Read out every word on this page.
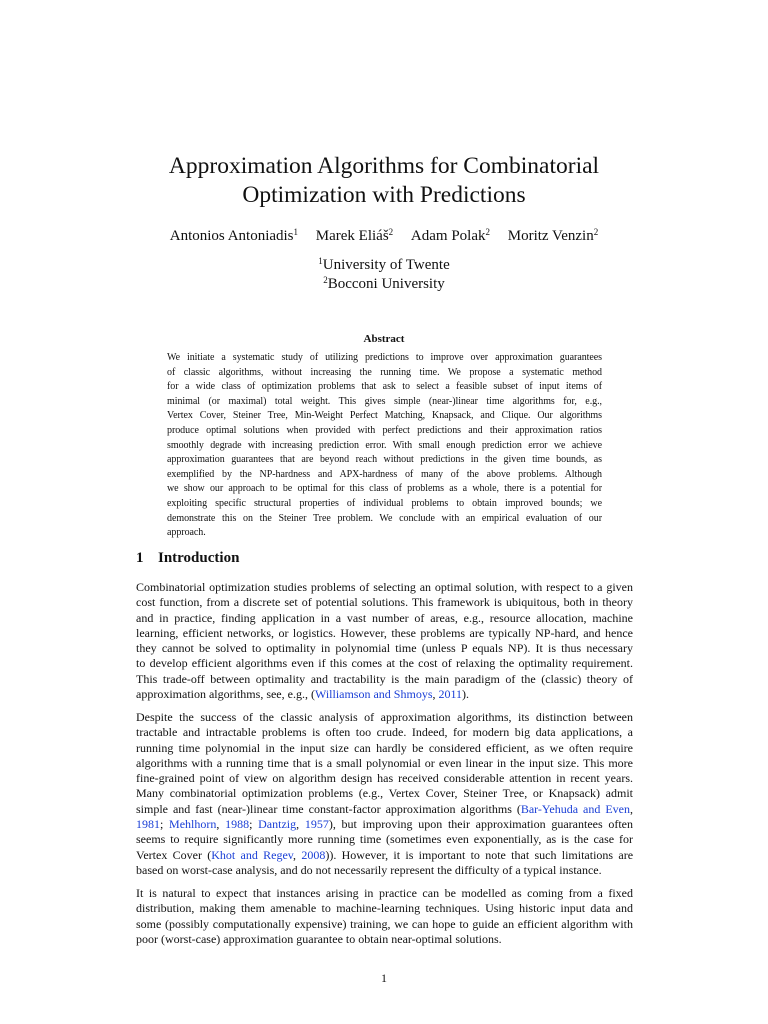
Approximation Algorithms for Combinatorial
Optimization with Predictions
Antonios Antoniadis$^1$ Marek Eliáš$^2$ Adam Polak$^2$ Moritz Venzin$^2$
$^1$University of Twente
$^2$Bocconi University
Abstract
We initiate a systematic study of utilizing predictions to improve over approximation guarantees
of classic algorithms, without increasing the running time. We propose a systematic method
for a wide class of optimization problems that ask to select a feasible subset of input items of
minimal (or maximal) total weight. This gives simple (near-)linear time algorithms for, e.g.,
Vertex Cover, Steiner Tree, Min-Weight Perfect Matching, Knapsack, and Clique. Our algorithms
produce optimal solutions when provided with perfect predictions and their approximation ratios
smoothly degrade with increasing prediction error. With small enough prediction error we achieve
approximation guarantees that are beyond reach without predictions in the given time bounds, as
exemplified by the NP-hardness and APX-hardness of many of the above problems. Although
we show our approach to be optimal for this class of problems as a whole, there is a potential for
exploiting specific structural properties of individual problems to obtain improved bounds; we
demonstrate this on the Steiner Tree problem. We conclude with an empirical evaluation of our
approach.
1 Introduction
Combinatorial optimization studies problems of selecting an optimal solution, with respect to a given
cost function, from a discrete set of potential solutions. This framework is ubiquitous, both in theory
and in practice, finding application in a vast number of areas, e.g., resource allocation, machine
learning, efficient networks, or logistics. However, these problems are typically NP-hard, and hence
they cannot be solved to optimality in polynomial time (unless P equals NP). It is thus necessary
to develop efficient algorithms even if this comes at the cost of relaxing the optimality requirement.
This trade-off between optimality and tractability is the main paradigm of the (classic) theory of
approximation algorithms, see, e.g., (Williamson and Shmoys, 2011).
Despite the success of the classic analysis of approximation algorithms, its distinction between
tractable and intractable problems is often too crude. Indeed, for modern big data applications, a
running time polynomial in the input size can hardly be considered efficient, as we often require
algorithms with a running time that is a small polynomial or even linear in the input size. This more
fine-grained point of view on algorithm design has received considerable attention in recent years.
Many combinatorial optimization problems (e.g., Vertex Cover, Steiner Tree, or Knapsack) admit
simple and fast (near-)linear time constant-factor approximation algorithms (Bar-Yehuda and Even,
1981; Mehlhorn, 1988; Dantzig, 1957), but improving upon their approximation guarantees often
seems to require significantly more running time (sometimes even exponentially, as is the case for
Vertex Cover (Khot and Regev, 2008)). However, it is important to note that such limitations are
based on worst-case analysis, and do not necessarily represent the difficulty of a typical instance.
It is natural to expect that instances arising in practice can be modelled as coming from a fixed
distribution, making them amenable to machine-learning techniques. Using historic input data and
some (possibly computationally expensive) training, we can hope to guide an efficient algorithm with
poor (worst-case) approximation guarantee to obtain near-optimal solutions.
1
